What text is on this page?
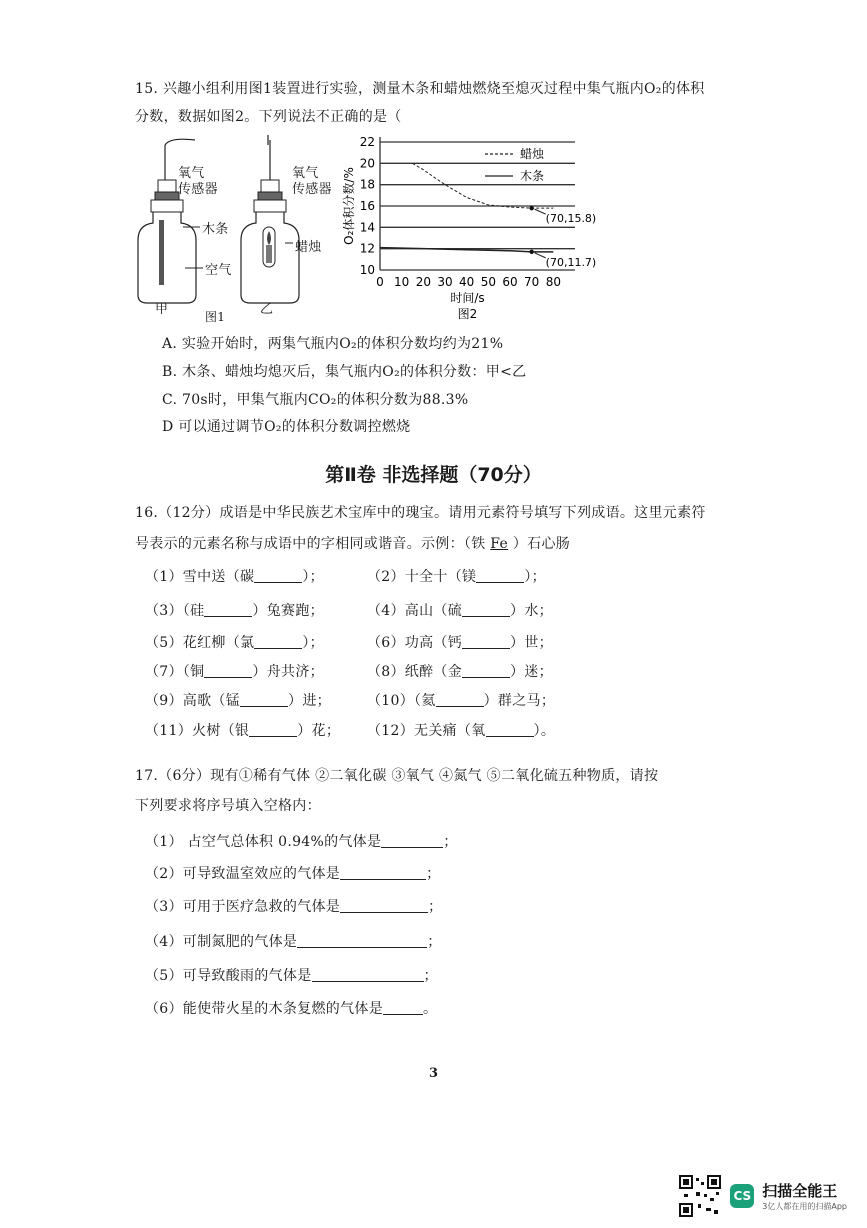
15. 兴趣小组利用图1装置进行实验，测量木条和蜡烛燃烧至熄灭过程中集气瓶内O₂的体积
分数，数据如图2。下列说法不正确的是（
氧气
传感器
氧气
传感器
木条
空气
蜡烛
甲	乙
图1
10
12
14
16
18
20
22
0 10 20 30 40 50 60 70 80
O₂体积分数/%
时间/s
图2
蜡烛
木条
(70,15.8)
(70,11.7)
A. 实验开始时，两集气瓶内O₂的体积分数均约为21%
B. 木条、蜡烛均熄灭后，集气瓶内O₂的体积分数：甲<乙
C. 70s时，甲集气瓶内CO₂的体积分数为88.3%
D 可以通过调节O₂的体积分数调控燃烧
第Ⅱ卷 非选择题（70分）
16.（12分）成语是中华民族艺术宝库中的瑰宝。请用元素符号填写下列成语。这里元素符
号表示的元素名称与成语中的字相同或谐音。示例：（铁 Fe ）石心肠
（1）雪中送（碳	）；	（2）十全十（镁	）；
（3）（硅	）兔赛跑；	（4）高山（硫	）水；
（5）花红柳（氯	）；	（6）功高（钙	）世；
（7）（铜	）舟共济；	（8）纸醉（金	）迷；
（9）高歌（锰	）进；	（10）（氦	）群之马；
（11）火树（银	）花； （12）无关痛（氧	）。
17.（6分）现有①稀有气体 ②二氧化碳 ③氧气 ④氮气 ⑤二氧化硫五种物质，请按
下列要求将序号填入空格内：
（1） 占空气总体积 0.94%的气体是	；
（2）可导致温室效应的气体是	；
（3）可用于医疗急救的气体是	；
（4）可制氮肥的气体是	；
（5）可导致酸雨的气体是	；
（6）能使带火星的木条复燃的气体是	。
3
CS 扫描全能王
3亿人都在用的扫描App
